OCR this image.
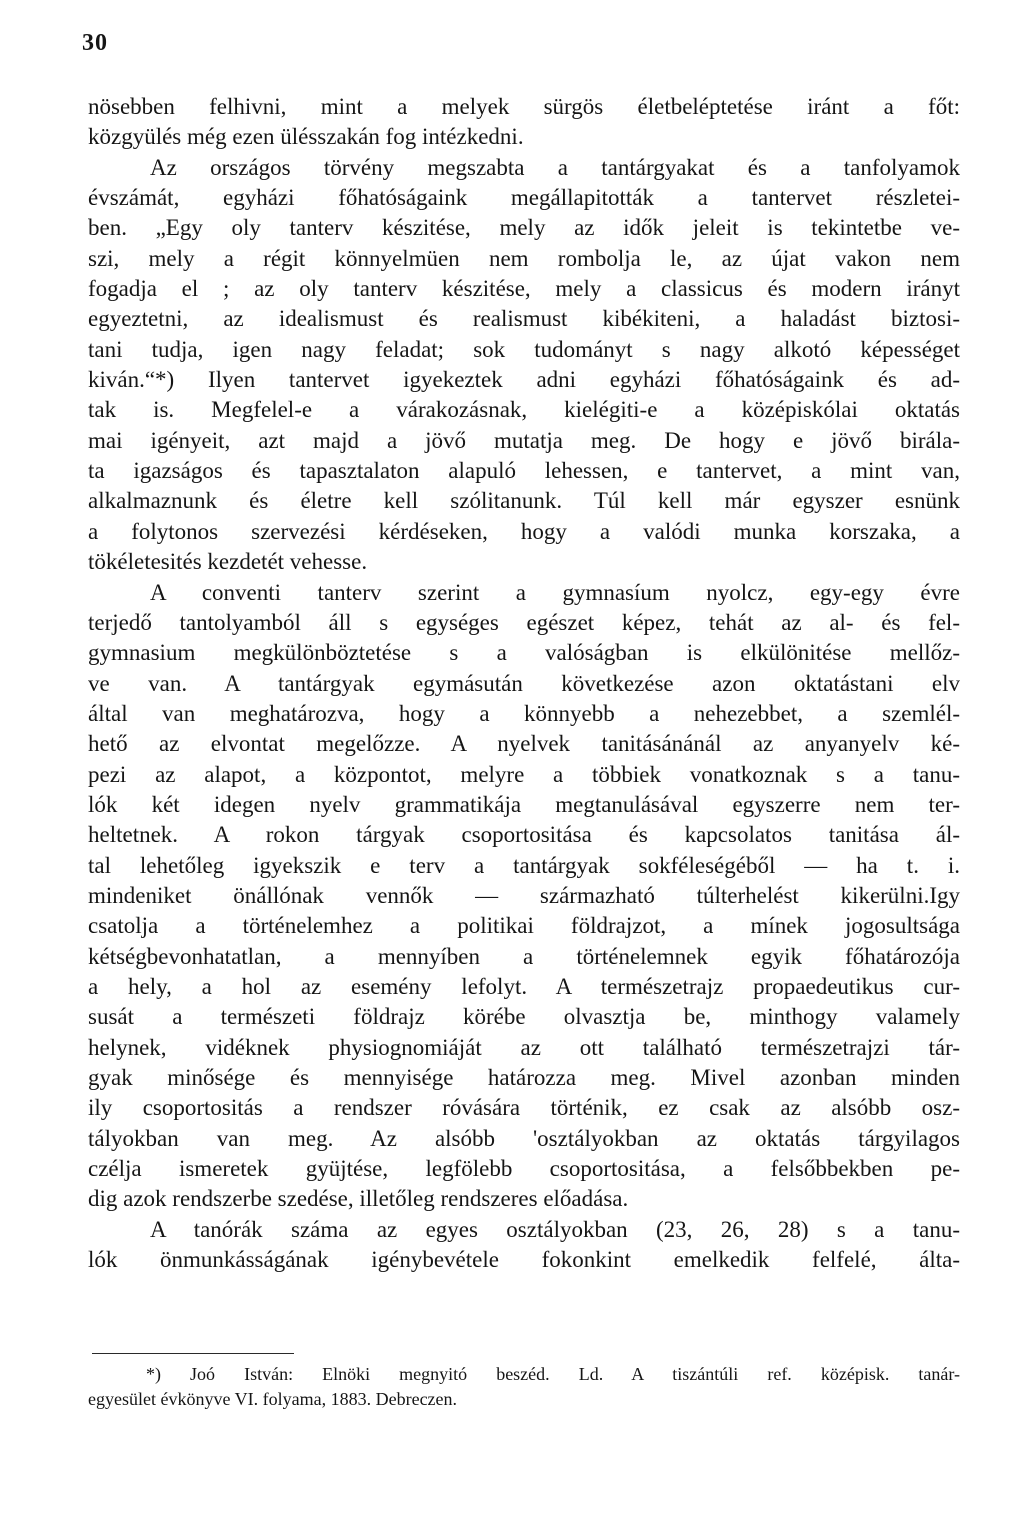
30
nösebben felhivni, mint a melyek sürgös életbeléptetése iránt a főt:
közgyülés még ezen ülésszakán fog intézkedni.
Az országos törvény megszabta a tantárgyakat és a tanfolyamok
évszámát, egyházi főhatóságaink megállapitották a tantervet részletei-
ben. „Egy oly tanterv készitése, mely az idők jeleit is tekintetbe ve-
szi, mely a régit könnyelmüen nem rombolja le, az újat vakon nem
fogadja el ; az oly tanterv készitése, mely a classicus és modern irányt
egyeztetni, az idealismust és realismust kibékiteni, a haladást biztosi-
tani tudja, igen nagy feladat; sok tudományt s nagy alkotó képességet
kiván.“*) Ilyen tantervet igyekeztek adni egyházi főhatóságaink és ad-
tak is. Megfelel-e a várakozásnak, kielégiti-e a középiskólai oktatás
mai igényeit, azt majd a jövő mutatja meg. De hogy e jövő birála-
ta igazságos és tapasztalaton alapuló lehessen, e tantervet, a mint van,
alkalmaznunk és életre kell szólitanunk. Túl kell már egyszer esnünk
a folytonos szervezési kérdéseken, hogy a valódi munka korszaka, a
tökéletesités kezdetét vehesse.
A conventi tanterv szerint a gymnasíum nyolcz, egy-egy évre
terjedő tantolyamból áll s egységes egészet képez, tehát az al- és fel-
gymnasium megkülönböztetése s a valóságban is elkülönitése mellőz-
ve van. A tantárgyak egymásután következése azon oktatástani elv
által van meghatározva, hogy a könnyebb a nehezebbet, a szemlél-
hető az elvontat megelőzze. A nyelvek tanitásánánál az anyanyelv ké-
pezi az alapot, a központot, melyre a többiek vonatkoznak s a tanu-
lók két idegen nyelv grammatikája megtanulásával egyszerre nem ter-
heltetnek. A rokon tárgyak csoportositása és kapcsolatos tanitása ál-
tal lehetőleg igyekszik e terv a tantárgyak sokféleségéből — ha t. i.
mindeniket önállónak vennők — származható túlterhelést kikerülni.Igy
csatolja a történelemhez a politikai földrajzot, a mínek jogosultsága
kétségbevonhatatlan, a mennyíben a történelemnek egyik főhatározója
a hely, a hol az esemény lefolyt. A természetrajz propaedeutikus cur-
susát a természeti földrajz körébe olvasztja be, minthogy valamely
helynek, vidéknek physiognomiáját az ott található természetrajzi tár-
gyak minősége és mennyisége határozza meg. Mivel azonban minden
ily csoportositás a rendszer róvására történik, ez csak az alsóbb osz-
tályokban van meg. Az alsóbb 'osztályokban az oktatás tárgyilagos
czélja ismeretek gyüjtése, legfölebb csoportositása, a felsőbbekben pe-
dig azok rendszerbe szedése, illetőleg rendszeres előadása.
A tanórák száma az egyes osztályokban (23, 26, 28) s a tanu-
lók önmunkásságának igénybevétele fokonkint emelkedik felfelé, álta-
*) Joó István: Elnöki megnyitó beszéd. Ld. A tiszántúli ref. középisk. tanár-
egyesület évkönyve VI. folyama, 1883. Debreczen.
